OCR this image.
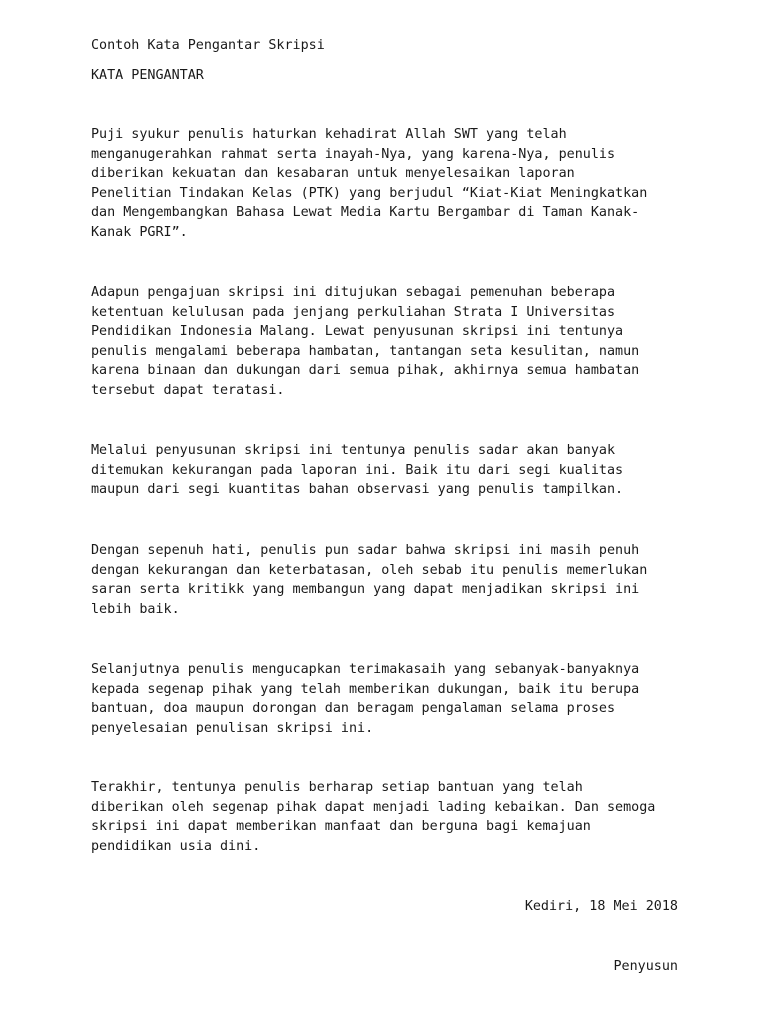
Contoh Kata Pengantar Skripsi
KATA PENGANTAR
Puji syukur penulis haturkan kehadirat Allah SWT yang telah
menganugerahkan rahmat serta inayah-Nya, yang karena-Nya, penulis
diberikan kekuatan dan kesabaran untuk menyelesaikan laporan
Penelitian Tindakan Kelas (PTK) yang berjudul “Kiat-Kiat Meningkatkan
dan Mengembangkan Bahasa Lewat Media Kartu Bergambar di Taman Kanak-
Kanak PGRI”.
Adapun pengajuan skripsi ini ditujukan sebagai pemenuhan beberapa
ketentuan kelulusan pada jenjang perkuliahan Strata I Universitas
Pendidikan Indonesia Malang. Lewat penyusunan skripsi ini tentunya
penulis mengalami beberapa hambatan, tantangan seta kesulitan, namun
karena binaan dan dukungan dari semua pihak, akhirnya semua hambatan
tersebut dapat teratasi.
Melalui penyusunan skripsi ini tentunya penulis sadar akan banyak
ditemukan kekurangan pada laporan ini. Baik itu dari segi kualitas
maupun dari segi kuantitas bahan observasi yang penulis tampilkan.
Dengan sepenuh hati, penulis pun sadar bahwa skripsi ini masih penuh
dengan kekurangan dan keterbatasan, oleh sebab itu penulis memerlukan
saran serta kritikk yang membangun yang dapat menjadikan skripsi ini
lebih baik.
Selanjutnya penulis mengucapkan terimakasaih yang sebanyak-banyaknya
kepada segenap pihak yang telah memberikan dukungan, baik itu berupa
bantuan, doa maupun dorongan dan beragam pengalaman selama proses
penyelesaian penulisan skripsi ini.
Terakhir, tentunya penulis berharap setiap bantuan yang telah
diberikan oleh segenap pihak dapat menjadi lading kebaikan. Dan semoga
skripsi ini dapat memberikan manfaat dan berguna bagi kemajuan
pendidikan usia dini.
Kediri, 18 Mei 2018
Penyusun
